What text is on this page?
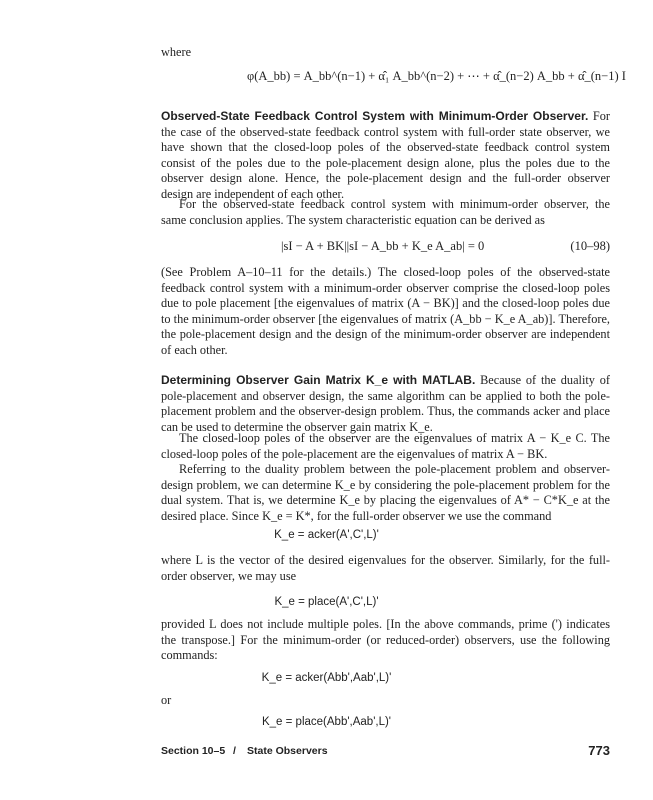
where

φ(A_bb) = A_bb^(n−1) + α̂₁ A_bb^(n−2) + ⋯ + α̂_(n−2) A_bb + α̂_(n−1) I

Observed-State Feedback Control System with Minimum-Order Observer. For the case of the observed-state feedback control system with full-order state observer, we have shown that the closed-loop poles of the observed-state feedback control system consist of the poles due to the pole-placement design alone, plus the poles due to the observer design alone. Hence, the pole-placement design and the full-order observer design are independent of each other.

For the observed-state feedback control system with minimum-order observer, the same conclusion applies. The system characteristic equation can be derived as

|sI − A + BK||sI − A_bb + K_e A_ab| = 0	(10–98)

(See Problem A–10–11 for the details.) The closed-loop poles of the observed-state feedback control system with a minimum-order observer comprise the closed-loop poles due to pole placement [the eigenvalues of matrix (A − BK)] and the closed-loop poles due to the minimum-order observer [the eigenvalues of matrix (A_bb − K_e A_ab)]. Therefore, the pole-placement design and the design of the minimum-order observer are independent of each other.

Determining Observer Gain Matrix K_e with MATLAB. Because of the duality of pole-placement and observer design, the same algorithm can be applied to both the pole-placement problem and the observer-design problem. Thus, the commands acker and place can be used to determine the observer gain matrix K_e.

The closed-loop poles of the observer are the eigenvalues of matrix A − K_e C. The closed-loop poles of the pole-placement are the eigenvalues of matrix A − BK.

Referring to the duality problem between the pole-placement problem and observer-design problem, we can determine K_e by considering the pole-placement problem for the dual system. That is, we determine K_e by placing the eigenvalues of A* − C*K_e at the desired place. Since K_e = K*, for the full-order observer we use the command

K_e = acker(A',C',L)'

where L is the vector of the desired eigenvalues for the observer. Similarly, for the full-order observer, we may use

K_e = place(A',C',L)'

provided L does not include multiple poles. [In the above commands, prime (') indicates the transpose.] For the minimum-order (or reduced-order) observers, use the following commands:

K_e = acker(Abb',Aab',L)'

or

K_e = place(Abb',Aab',L)'
Section 10–5 / State Observers	773
